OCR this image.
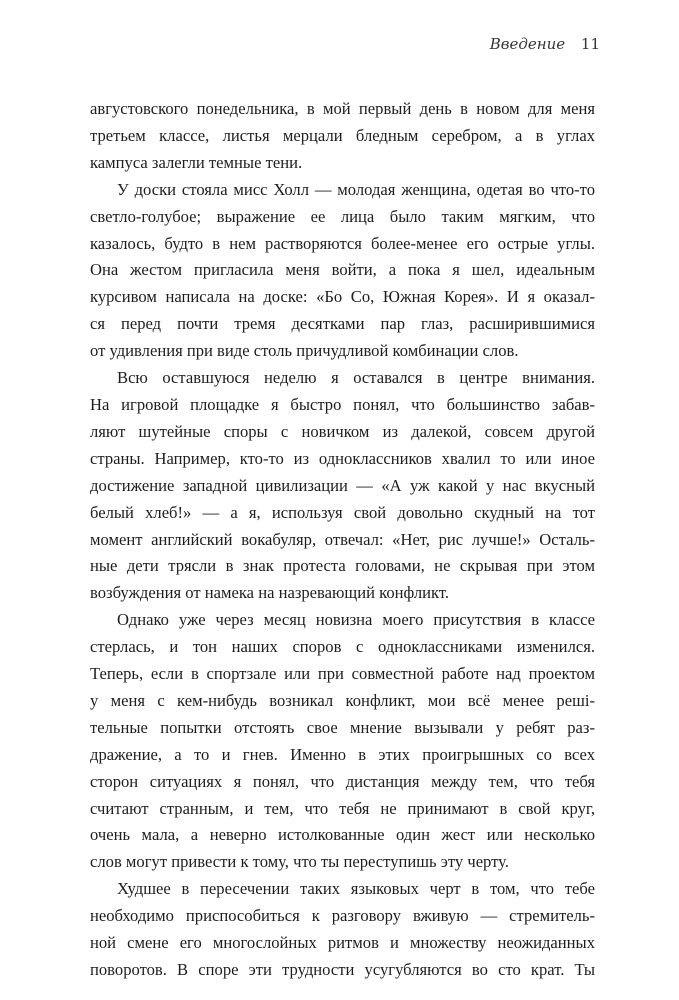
Введение 11
августовского понедельника, в мой первый день в новом для меня
третьем классе, листья мерцали бледным серебром, а в углах
кампуса залегли темные тени.
У доски стояла мисс Холл — молодая женщина, одетая во что-то
светло-голубое; выражение ее лица было таким мягким, что
казалось, будто в нем растворяются более-менее его острые углы.
Она жестом пригласила меня войти, а пока я шел, идеальным
курсивом написала на доске: «Бо Со, Южная Корея». И я оказал-
ся перед почти тремя десятками пар глаз, расширившимися
от удивления при виде столь причудливой комбинации слов.
Всю оставшуюся неделю я оставался в центре внимания.
На игровой площадке я быстро понял, что большинство забав-
ляют шутейные споры с новичком из далекой, совсем другой
страны. Например, кто-то из одноклассников хвалил то или иное
достижение западной цивилизации — «А уж какой у нас вкусный
белый хлеб!» — а я, используя свой довольно скудный на тот
момент английский вокабуляр, отвечал: «Нет, рис лучше!» Осталь-
ные дети трясли в знак протеста головами, не скрывая при этом
возбуждения от намека на назревающий конфликт.
Однако уже через месяц новизна моего присутствия в классе
стерлась, и тон наших споров с одноклассниками изменился.
Теперь, если в спортзале или при совместной работе над проектом
у меня с кем-нибудь возникал конфликт, мои всё менее решi-
тельные попытки отстоять свое мнение вызывали у ребят раз-
дражение, а то и гнев. Именно в этих проигрышных со всех
сторон ситуациях я понял, что дистанция между тем, что тебя
считают странным, и тем, что тебя не принимают в свой круг,
очень мала, а неверно истолкованные один жест или несколько
слов могут привести к тому, что ты переступишь эту черту.
Худшее в пересечении таких языковых черт в том, что тебе
необходимо приспособиться к разговору вживую — стремитель-
ной смене его многослойных ритмов и множеству неожиданных
поворотов. В споре эти трудности усугубляются во сто крат. Ты
